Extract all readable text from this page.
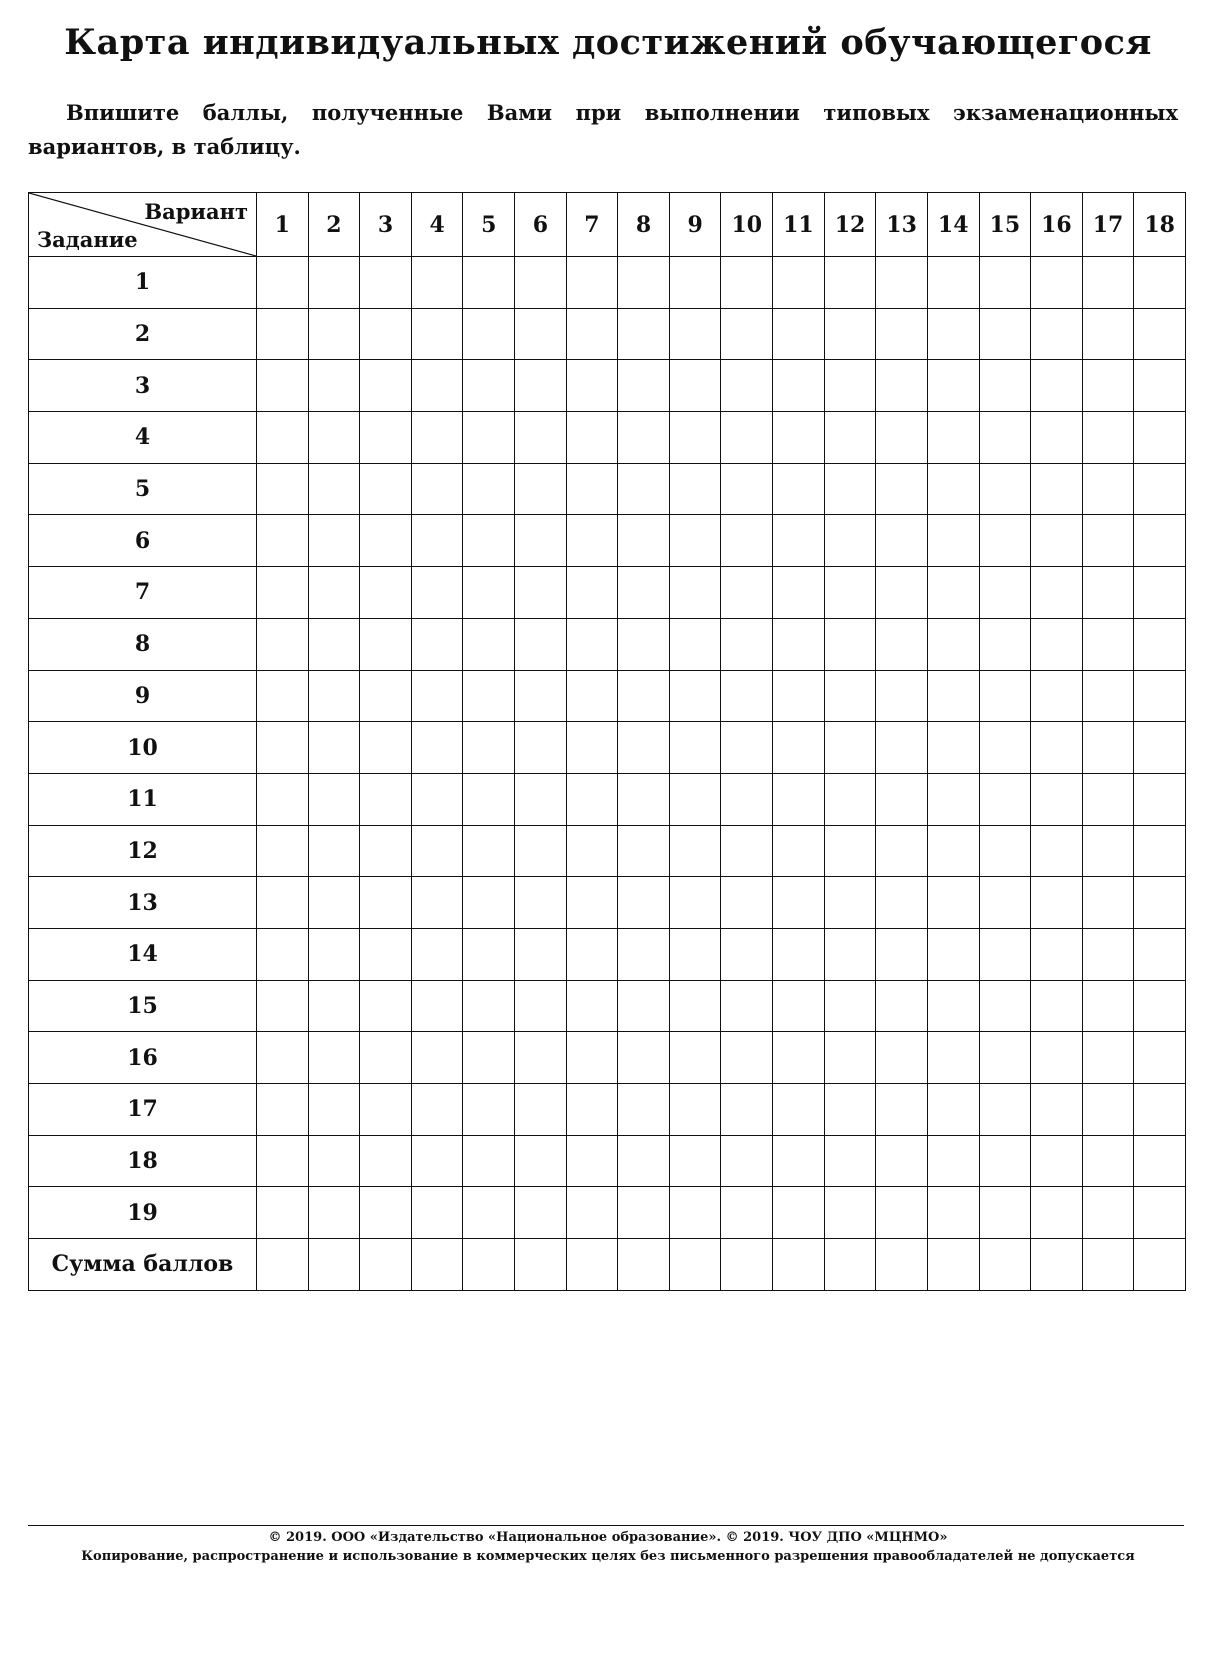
Карта индивидуальных достижений обучающегося
Впишите баллы, полученные Вами при выполнении типовых экзаменационных вариантов, в таблицу.
Вариант
Задание	1	2	3	4	5	6	7	8	9	10	11	12	13	14	15	16	17	18
1																		
2																		
3																		
4																		
5																		
6																		
7																		
8																		
9																		
10																		
11																		
12																		
13																		
14																		
15																		
16																		
17																		
18																		
19																		
Сумма баллов																		
© 2019. ООО «Издательство «Национальное образование». © 2019. ЧОУ ДПО «МЦНМО»
Копирование, распространение и использование в коммерческих целях без письменного разрешения правообладателей не допускается
